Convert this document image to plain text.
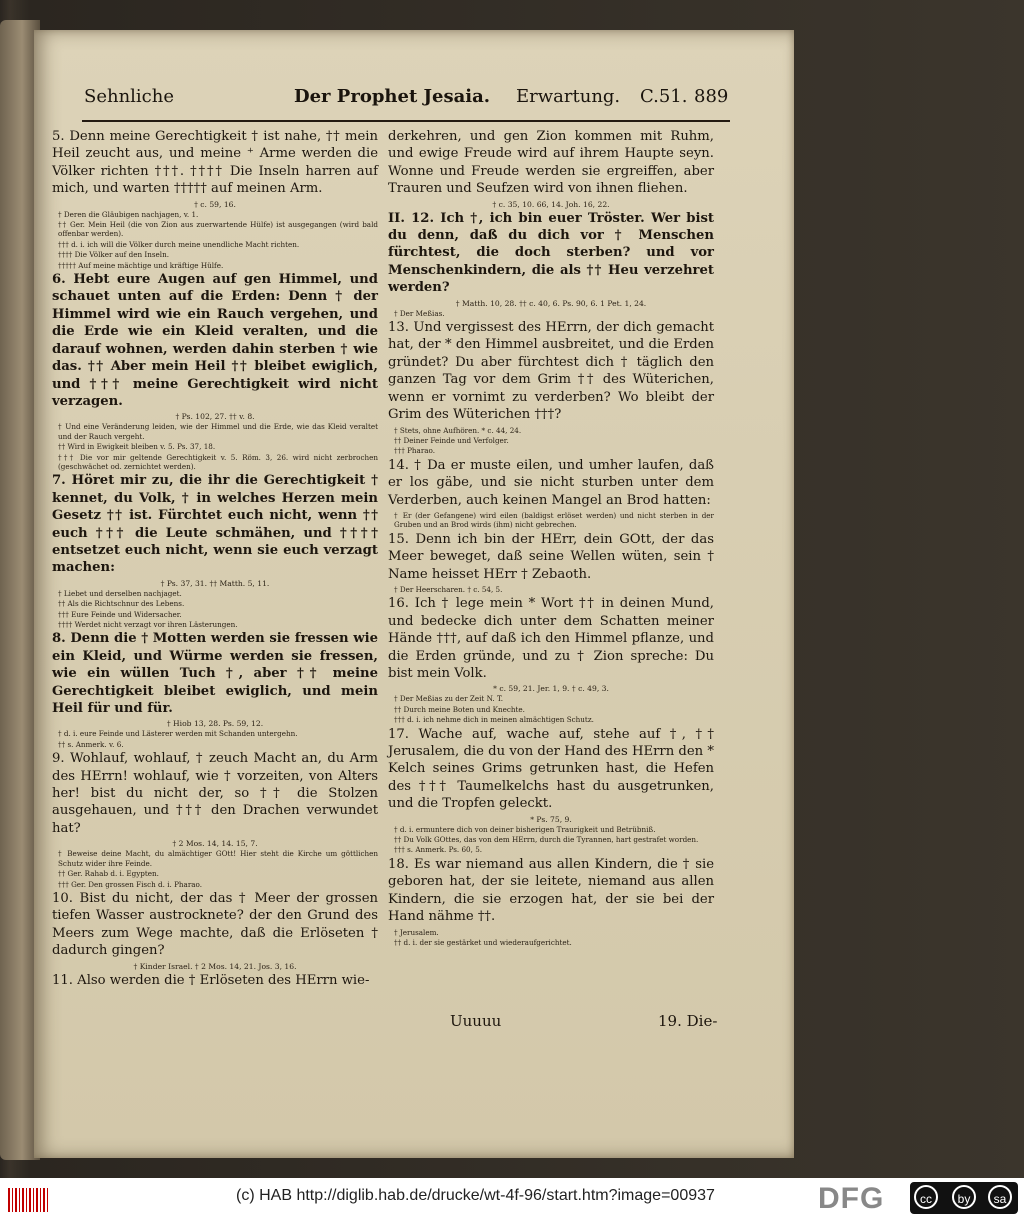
Sehnliche	Der Prophet Jesaia. Erwartung. C.51. 889

5. Denn meine Gerechtigkeit † ist nahe, †† mein Heil zeucht aus, und meine ⁺ Arme werden die Völker richten †††. †††† Die Inseln harren auf mich, und warten ††††† auf meinen Arm.

† c. 59, 16.

† Deren die Gläubigen nachjagen, v. 1.

†† Ger. Mein Heil (die von Zion aus zuerwartende Hülfe) ist ausgegangen (wird bald offenbar werden).

††† d. i. ich will die Völker durch meine unendliche Macht richten.

†††† Die Völker auf den Inseln.

††††† Auf meine mächtige und kräftige Hülfe.

6. Hebt eure Augen auf gen Himmel, und schauet unten auf die Erden: Denn † der Himmel wird wie ein Rauch vergehen, und die Erde wie ein Kleid veralten, und die darauf wohnen, werden dahin sterben † wie das. †† Aber mein Heil †† bleibet ewiglich, und ††† meine Gerechtigkeit wird nicht verzagen.

† Ps. 102, 27. †† v. 8.

† Und eine Veränderung leiden, wie der Himmel und die Erde, wie das Kleid veraltet und der Rauch vergeht.

†† Wird in Ewigkeit bleiben v. 5. Ps. 37, 18.

††† Die vor mir geltende Gerechtigkeit v. 5. Röm. 3, 26. wird nicht zerbrochen (geschwächet od. zernichtet werden).

7. Höret mir zu, die ihr die Gerechtigkeit † kennet, du Volk, † in welches Herzen mein Gesetz †† ist. Fürchtet euch nicht, wenn †† euch ††† die Leute schmähen, und †††† entsetzet euch nicht, wenn sie euch verzagt machen:

† Ps. 37, 31. †† Matth. 5, 11.

† Liebet und derselben nachjaget.

†† Als die Richtschnur des Lebens.

††† Eure Feinde und Widersacher.

†††† Werdet nicht verzagt vor ihren Lästerungen.

8. Denn die † Motten werden sie fressen wie ein Kleid, und Würme werden sie fressen, wie ein wüllen Tuch †, aber †† meine Gerechtigkeit bleibet ewiglich, und mein Heil für und für.

† Hiob 13, 28. Ps. 59, 12.

† d. i. eure Feinde und Lästerer werden mit Schanden untergehn.

†† s. Anmerk. v. 6.

9. Wohlauf, wohlauf, † zeuch Macht an, du Arm des HErrn! wohlauf, wie † vorzeiten, von Alters her! bist du nicht der, so †† die Stolzen ausgehauen, und ††† den Drachen verwundet hat?

† 2 Mos. 14, 14. 15, 7.

† Beweise deine Macht, du almächtiger GOtt! Hier steht die Kirche um göttlichen Schutz wider ihre Feinde.

†† Ger. Rahab d. i. Egypten.

††† Ger. Den grossen Fisch d. i. Pharao.

10. Bist du nicht, der das † Meer der grossen tiefen Wasser austrocknete? der den Grund des Meers zum Wege machte, daß die Erlöseten † dadurch gingen?

† Kinder Israel. † 2 Mos. 14, 21. Jos. 3, 16.

11. Also werden die † Erlöseten des HErrn wie-

derkehren, und gen Zion kommen mit Ruhm, und ewige Freude wird auf ihrem Haupte seyn. Wonne und Freude werden sie ergreiffen, aber Trauren und Seufzen wird von ihnen fliehen.

† c. 35, 10. 66, 14. Joh. 16, 22.

II. 12. Ich †, ich bin euer Tröster. Wer bist du denn, daß du dich vor † Menschen fürchtest, die doch sterben? und vor Menschenkindern, die als †† Heu verzehret werden?

† Matth. 10, 28. †† c. 40, 6. Ps. 90, 6. 1 Pet. 1, 24.

† Der Meßias.

13. Und vergissest des HErrn, der dich gemacht hat, der * den Himmel ausbreitet, und die Erden gründet? Du aber fürchtest dich † täglich den ganzen Tag vor dem Grim †† des Wüterichen, wenn er vornimt zu verderben? Wo bleibt der Grim des Wüterichen †††?

† Stets, ohne Aufhören. * c. 44, 24.

†† Deiner Feinde und Verfolger.

††† Pharao.

14. † Da er muste eilen, und umher laufen, daß er los gäbe, und sie nicht sturben unter dem Verderben, auch keinen Mangel an Brod hatten:

† Er (der Gefangene) wird eilen (baldigst erlöset werden) und nicht sterben in der Gruben und an Brod wirds (ihm) nicht gebrechen.

15. Denn ich bin der HErr, dein GOtt, der das Meer beweget, daß seine Wellen wüten, sein † Name heisset HErr † Zebaoth.

† Der Heerscharen. † c. 54, 5.

16. Ich † lege mein * Wort †† in deinen Mund, und bedecke dich unter dem Schatten meiner Hände †††, auf daß ich den Himmel pflanze, und die Erden gründe, und zu † Zion spreche: Du bist mein Volk.

* c. 59, 21. Jer. 1, 9. † c. 49, 3.

† Der Meßias zu der Zeit N. T.

†† Durch meine Boten und Knechte.

††† d. i. ich nehme dich in meinen almächtigen Schutz.

17. Wache auf, wache auf, stehe auf †, †† Jerusalem, die du von der Hand des HErrn den * Kelch seines Grims getrunken hast, die Hefen des ††† Taumelkelchs hast du ausgetrunken, und die Tropfen geleckt.

* Ps. 75, 9.

† d. i. ermuntere dich von deiner bisherigen Traurigkeit und Betrübniß.

†† Du Volk GOttes, das von dem HErrn, durch die Tyrannen, hart gestrafet worden.

††† s. Anmerk. Ps. 60, 5.

18. Es war niemand aus allen Kindern, die † sie geboren hat, der sie leitete, niemand aus allen Kindern, die sie erzogen hat, der sie bei der Hand nähme ††.

† Jerusalem.

†† d. i. der sie gestärket und wiederaufgerichtet.

Uuuuu	19. Die-
(c) HAB http://diglib.hab.de/drucke/wt-4f-96/start.htm?image=00937	DFG	cc	by	sa
